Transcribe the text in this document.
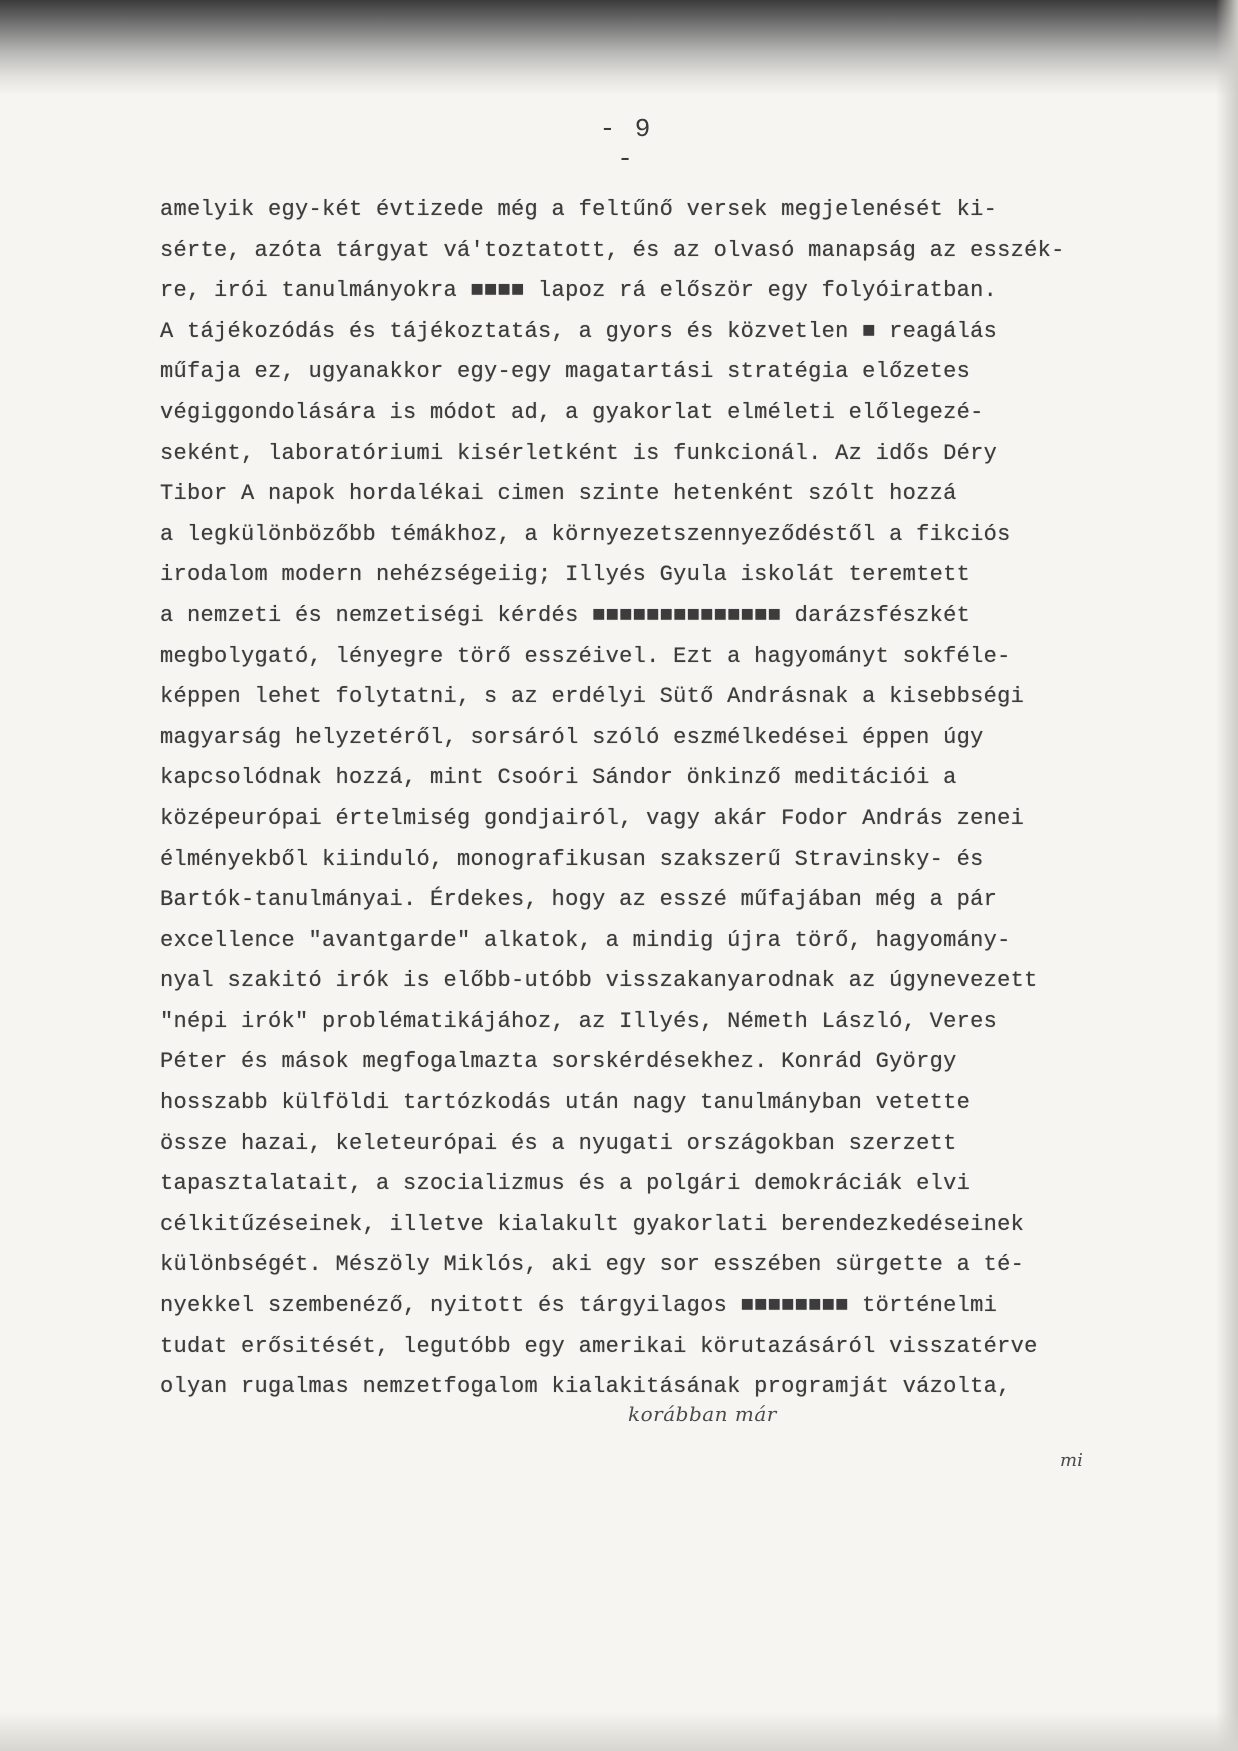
- 9 -
amelyik egy-két évtizede még a feltűnő versek megjelenését ki-
sérte, azóta tárgyat vá'toztatott, és az olvasó manapság az esszék-
re, irói tanulmányokra ■■■■ lapoz rá először egy folyóiratban.
A tájékozódás és tájékoztatás, a gyors és közvetlen ■ reagálás
műfaja ez, ugyanakkor egy-egy magatartási stratégia előzetes
végiggondolására is módot ad, a gyakorlat elméleti előlegezé-
seként, laboratóriumi kisérletként is funkcionál. Az idős Déry
Tibor A napok hordalékai cimen szinte hetenként szólt hozzá
a legkülönbözőbb témákhoz, a környezetszennyeződéstől a fikciós
irodalom modern nehézségeiig; Illyés Gyula iskolát teremtett
a nemzeti és nemzetiségi kérdés ■■■■■■■■■■■■■■ darázsfészkét
megbolygató, lényegre törő esszéivel. Ezt a hagyományt sokféle-
képpen lehet folytatni, s az erdélyi Sütő Andrásnak a kisebbségi
magyarság helyzetéről, sorsáról szóló eszmélkedései éppen úgy
kapcsolódnak hozzá, mint Csoóri Sándor önkinző meditációi a
középeurópai értelmiség gondjairól, vagy akár Fodor András zenei
élményekből kiinduló, monografikusan szakszerű Stravinsky- és
Bartók-tanulmányai. Érdekes, hogy az esszé műfajában még a pár
excellence "avantgarde" alkatok, a mindig újra törő, hagyomány-
nyal szakitó irók is előbb-utóbb visszakanyarodnak az úgynevezett
"népi irók" problématikájához, az Illyés, Németh László, Veres
Péter és mások megfogalmazta sorskérdésekhez. Konrád György
hosszabb külföldi tartózkodás után nagy tanulmányban vetette
össze hazai, keleteurópai és a nyugati országokban szerzett
tapasztalatait, a szocializmus és a polgári demokráciák elvi
célkitűzéseinek, illetve kialakult gyakorlati berendezkedéseinek
különbségét. Mészöly Miklós, aki egy sor esszében sürgette a té-
nyekkel szembenéző, nyitott és tárgyilagos ■■■■■■■■ történelmi
tudat erősitését, legutóbb egy amerikai körutazásáról visszatérve
olyan rugalmas nemzetfogalom kialakitásának programját vázolta,
korábban már
mi
